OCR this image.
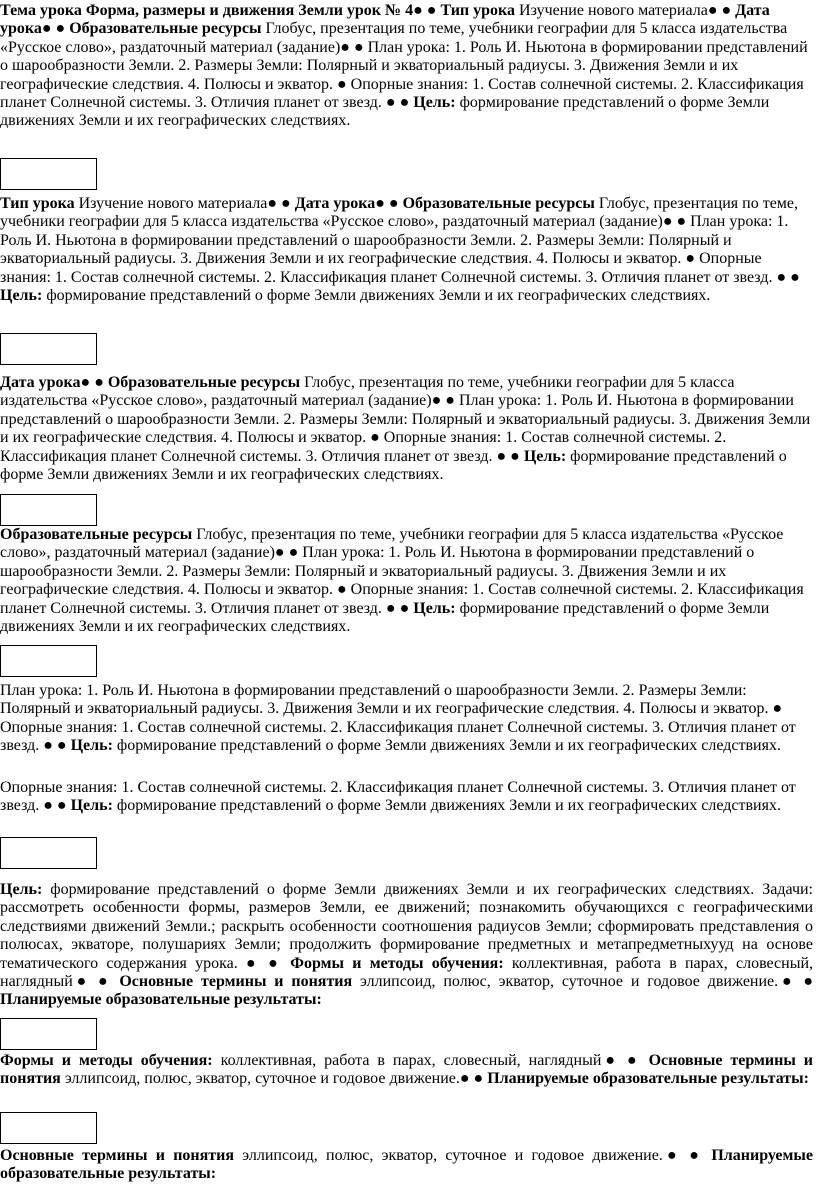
Тема урока Форма, размеры и движения Земли урок № 4● ● Тип урока Изучение нового материала● ● Дата урока● ● Образовательные ресурсы Глобус, презентация по теме, учебники географии для 5 класса издательства «Русское слово», раздаточный материал (задание)● ● План урока: 1. Роль И. Ньютона в формировании представлений о шарообразности Земли. 2. Размеры Земли: Полярный и экваториальный радиусы. 3. Движения Земли и их географические следствия. 4. Полюсы и экватор. ● Опорные знания: 1. Состав солнечной системы. 2. Классификация планет Солнечной системы. 3. Отличия планет от звезд. ● ● Цель: формирование представлений о форме Земли движениях Земли и их географических следствиях.

Тип урока Изучение нового материала● ● Дата урока● ● Образовательные ресурсы Глобус, презентация по теме, учебники географии для 5 класса издательства «Русское слово», раздаточный материал (задание)● ● План урока: 1. Роль И. Ньютона в формировании представлений о шарообразности Земли. 2. Размеры Земли: Полярный и экваториальный радиусы. 3. Движения Земли и их географические следствия. 4. Полюсы и экватор. ● Опорные знания: 1. Состав солнечной системы. 2. Классификация планет Солнечной системы. 3. Отличия планет от звезд. ● ● Цель: формирование представлений о форме Земли движениях Земли и их географических следствиях.

Дата урока● ● Образовательные ресурсы Глобус, презентация по теме, учебники географии для 5 класса издательства «Русское слово», раздаточный материал (задание)● ● План урока: 1. Роль И. Ньютона в формировании представлений о шарообразности Земли. 2. Размеры Земли: Полярный и экваториальный радиусы. 3. Движения Земли и их географические следствия. 4. Полюсы и экватор. ● Опорные знания: 1. Состав солнечной системы. 2. Классификация планет Солнечной системы. 3. Отличия планет от звезд. ● ● Цель: формирование представлений о форме Земли движениях Земли и их географических следствиях.

Образовательные ресурсы Глобус, презентация по теме, учебники географии для 5 класса издательства «Русское слово», раздаточный материал (задание)● ● План урока: 1. Роль И. Ньютона в формировании представлений о шарообразности Земли. 2. Размеры Земли: Полярный и экваториальный радиусы. 3. Движения Земли и их географические следствия. 4. Полюсы и экватор. ● Опорные знания: 1. Состав солнечной системы. 2. Классификация планет Солнечной системы. 3. Отличия планет от звезд. ● ● Цель: формирование представлений о форме Земли движениях Земли и их географических следствиях.

План урока: 1. Роль И. Ньютона в формировании представлений о шарообразности Земли. 2. Размеры Земли: Полярный и экваториальный радиусы. 3. Движения Земли и их географические следствия. 4. Полюсы и экватор. ● Опорные знания: 1. Состав солнечной системы. 2. Классификация планет Солнечной системы. 3. Отличия планет от звезд. ● ● Цель: формирование представлений о форме Земли движениях Земли и их географических следствиях.

Опорные знания: 1. Состав солнечной системы. 2. Классификация планет Солнечной системы. 3. Отличия планет от звезд. ● ● Цель: формирование представлений о форме Земли движениях Земли и их географических следствиях.

Цель: формирование представлений о форме Земли движениях Земли и их географических следствиях. Задачи: рассмотреть особенности формы, размеров Земли, ее движений; познакомить обучающихся с географическими следствиями движений Земли.; раскрыть особенности соотношения радиусов Земли; сформировать представления о полюсах, экваторе, полушариях Земли; продолжить формирование предметных и метапредметныхууд на основе тематического содержания урока. ● ● Формы и методы обучения: коллективная, работа в парах, словесный, наглядный● ● Основные термины и понятия эллипсоид, полюс, экватор, суточное и годовое движение.● ● Планируемые образовательные результаты:

Формы и методы обучения: коллективная, работа в парах, словесный, наглядный● ● Основные термины и понятия эллипсоид, полюс, экватор, суточное и годовое движение.● ● Планируемые образовательные результаты:

Основные термины и понятия эллипсоид, полюс, экватор, суточное и годовое движение.● ● Планируемые образовательные результаты:
